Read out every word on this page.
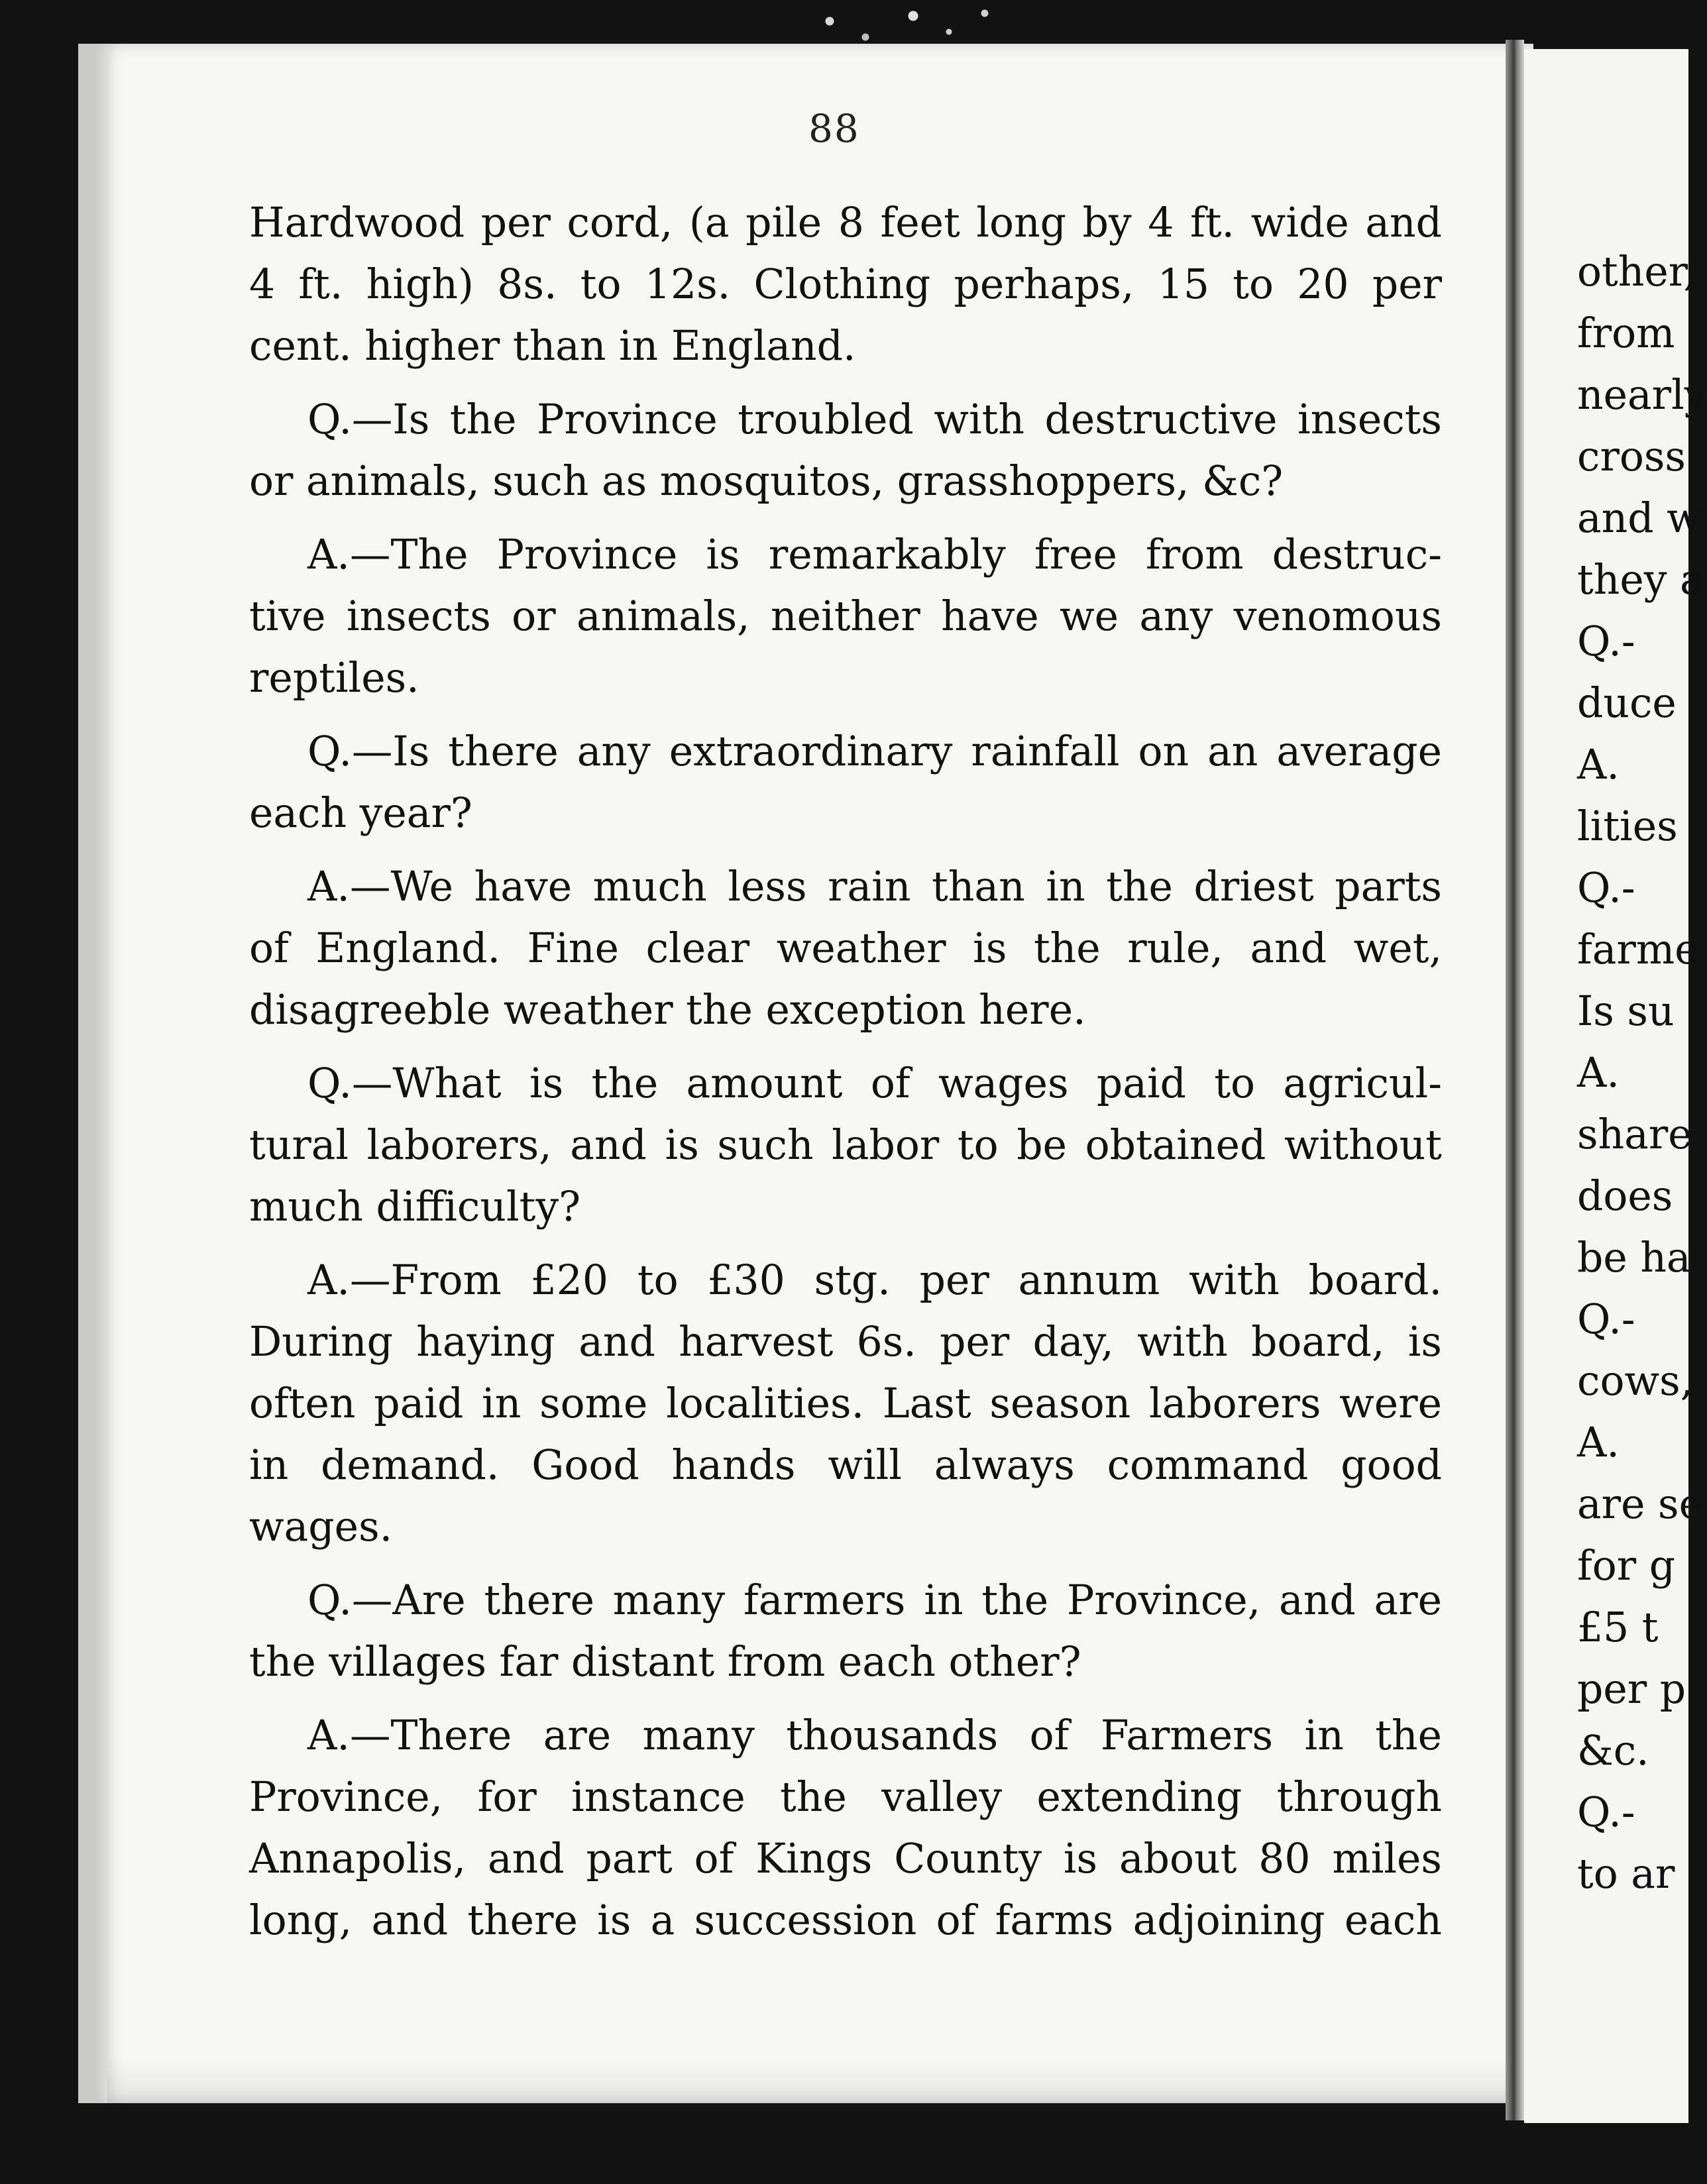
other,
from
nearly
cross
and w
they a
Q.-
duce
A.
lities
Q.-
farme
Is su
A.
share
does
be ha
Q.-
cows,
A.
are se
for g
£5 t
per p
&c.
Q.-
to ar
88
Hardwood per cord, (a pile 8 feet long by 4 ft. wide and
4 ft. high) 8s. to 12s. Clothing perhaps, 15 to 20 per
cent. higher than in England.
Q.—Is the Province troubled with destructive insects
or animals, such as mosquitos, grasshoppers, &c?
A.—The Province is remarkably free from destruc-
tive insects or animals, neither have we any venomous
reptiles.
Q.—Is there any extraordinary rainfall on an average
each year?
A.—We have much less rain than in the driest parts
of England. Fine clear weather is the rule, and wet,
disagreeble weather the exception here.
Q.—What is the amount of wages paid to agricul-
tural laborers, and is such labor to be obtained without
much difficulty?
A.—From £20 to £30 stg. per annum with board.
During haying and harvest 6s. per day, with board, is
often paid in some localities. Last season laborers were
in demand. Good hands will always command good
wages.
Q.—Are there many farmers in the Province, and are
the villages far distant from each other?
A.—There are many thousands of Farmers in the
Province, for instance the valley extending through
Annapolis, and part of Kings County is about 80 miles
long, and there is a succession of farms adjoining each
